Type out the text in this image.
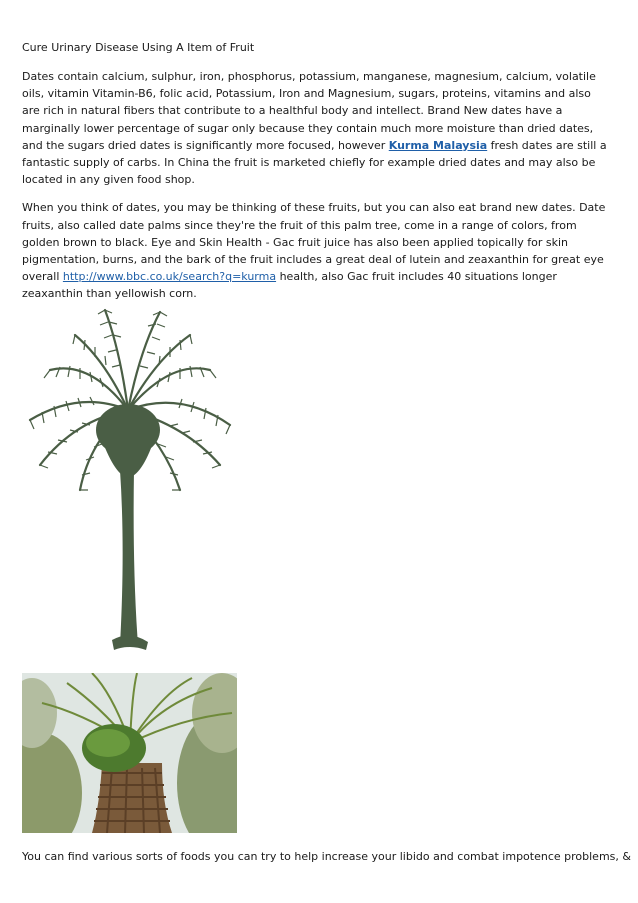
Cure Urinary Disease Using A Item of Fruit

Dates contain calcium, sulphur, iron, phosphorus, potassium, manganese, magnesium, calcium, volatile oils, vitamin Vitamin-B6, folic acid, Potassium, Iron and Magnesium, sugars, proteins, vitamins and also are rich in natural fibers that contribute to a healthful body and intellect. Brand New dates have a marginally lower percentage of sugar only because they contain much more moisture than dried dates, and the sugars dried dates is significantly more focused, however Kurma Malaysia fresh dates are still a fantastic supply of carbs. In China the fruit is marketed chiefly for example dried dates and may also be located in any given food shop.

When you think of dates, you may be thinking of these fruits, but you can also eat brand new dates. Date fruits, also called date palms since they're the fruit of this palm tree, come in a range of colors, from golden brown to black. Eye and Skin Health - Gac fruit juice has also been applied topically for skin pigmentation, burns, and the bark of the fruit includes a great deal of lutein and zeaxanthin for great eye overall http://www.bbc.co.uk/search?q=kurma health, also Gac fruit includes 40 situations longer zeaxanthin than yellowish corn.

You can find various sorts of foods you can try to help increase your libido and combat impotence problems, &
